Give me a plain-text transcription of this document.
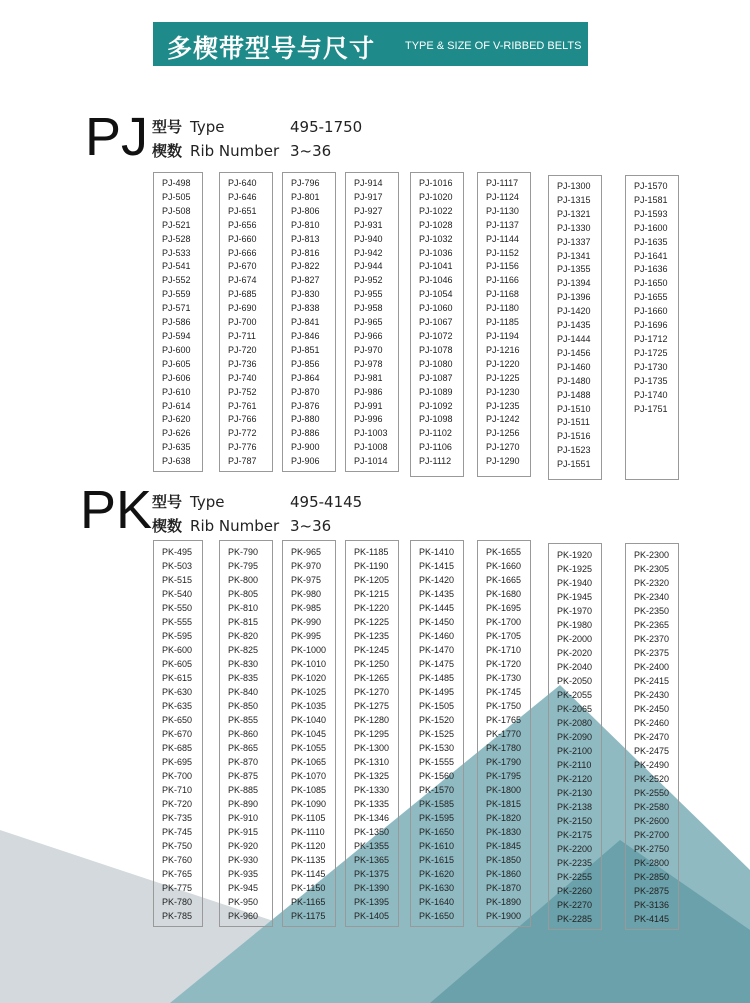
多楔带型号与尺寸	TYPE & SIZE OF V-RIBBED BELTS
PJ 型号 Type	495-1750
楔数 Rib Number 3~36
PJ-498
PJ-505
PJ-508
PJ-521
PJ-528
PJ-533
PJ-541
PJ-552
PJ-559
PJ-571
PJ-586
PJ-594
PJ-600
PJ-605
PJ-606
PJ-610
PJ-614
PJ-620
PJ-626
PJ-635
PJ-638
PJ-640
PJ-646
PJ-651
PJ-656
PJ-660
PJ-666
PJ-670
PJ-674
PJ-685
PJ-690
PJ-700
PJ-711
PJ-720
PJ-736
PJ-740
PJ-752
PJ-761
PJ-766
PJ-772
PJ-776
PJ-787
PJ-796
PJ-801
PJ-806
PJ-810
PJ-813
PJ-816
PJ-822
PJ-827
PJ-830
PJ-838
PJ-841
PJ-846
PJ-851
PJ-856
PJ-864
PJ-870
PJ-876
PJ-880
PJ-886
PJ-900
PJ-906
PJ-914
PJ-917
PJ-927
PJ-931
PJ-940
PJ-942
PJ-944
PJ-952
PJ-955
PJ-958
PJ-965
PJ-966
PJ-970
PJ-978
PJ-981
PJ-986
PJ-991
PJ-996
PJ-1003
PJ-1008
PJ-1014
PJ-1016
PJ-1020
PJ-1022
PJ-1028
PJ-1032
PJ-1036
PJ-1041
PJ-1046
PJ-1054
PJ-1060
PJ-1067
PJ-1072
PJ-1078
PJ-1080
PJ-1087
PJ-1089
PJ-1092
PJ-1098
PJ-1102
PJ-1106
PJ-1112
PJ-1117
PJ-1124
PJ-1130
PJ-1137
PJ-1144
PJ-1152
PJ-1156
PJ-1166
PJ-1168
PJ-1180
PJ-1185
PJ-1194
PJ-1216
PJ-1220
PJ-1225
PJ-1230
PJ-1235
PJ-1242
PJ-1256
PJ-1270
PJ-1290
PJ-1300
PJ-1315
PJ-1321
PJ-1330
PJ-1337
PJ-1341
PJ-1355
PJ-1394
PJ-1396
PJ-1420
PJ-1435
PJ-1444
PJ-1456
PJ-1460
PJ-1480
PJ-1488
PJ-1510
PJ-1511
PJ-1516
PJ-1523
PJ-1551
PJ-1570
PJ-1581
PJ-1593
PJ-1600
PJ-1635
PJ-1641
PJ-1636
PJ-1650
PJ-1655
PJ-1660
PJ-1696
PJ-1712
PJ-1725
PJ-1730
PJ-1735
PJ-1740
PJ-1751
PK 型号 Type	495-4145
楔数 Rib Number 3~36
PK-495
PK-503
PK-515
PK-540
PK-550
PK-555
PK-595
PK-600
PK-605
PK-615
PK-630
PK-635
PK-650
PK-670
PK-685
PK-695
PK-700
PK-710
PK-720
PK-735
PK-745
PK-750
PK-760
PK-765
PK-775
PK-780
PK-785
PK-790
PK-795
PK-800
PK-805
PK-810
PK-815
PK-820
PK-825
PK-830
PK-835
PK-840
PK-850
PK-855
PK-860
PK-865
PK-870
PK-875
PK-885
PK-890
PK-910
PK-915
PK-920
PK-930
PK-935
PK-945
PK-950
PK-960
PK-965
PK-970
PK-975
PK-980
PK-985
PK-990
PK-995
PK-1000
PK-1010
PK-1020
PK-1025
PK-1035
PK-1040
PK-1045
PK-1055
PK-1065
PK-1070
PK-1085
PK-1090
PK-1105
PK-1110
PK-1120
PK-1135
PK-1145
PK-1150
PK-1165
PK-1175
PK-1185
PK-1190
PK-1205
PK-1215
PK-1220
PK-1225
PK-1235
PK-1245
PK-1250
PK-1265
PK-1270
PK-1275
PK-1280
PK-1295
PK-1300
PK-1310
PK-1325
PK-1330
PK-1335
PK-1346
PK-1350
PK-1355
PK-1365
PK-1375
PK-1390
PK-1395
PK-1405
PK-1410
PK-1415
PK-1420
PK-1435
PK-1445
PK-1450
PK-1460
PK-1470
PK-1475
PK-1485
PK-1495
PK-1505
PK-1520
PK-1525
PK-1530
PK-1555
PK-1560
PK-1570
PK-1585
PK-1595
PK-1650
PK-1610
PK-1615
PK-1620
PK-1630
PK-1640
PK-1650
PK-1655
PK-1660
PK-1665
PK-1680
PK-1695
PK-1700
PK-1705
PK-1710
PK-1720
PK-1730
PK-1745
PK-1750
PK-1765
PK-1770
PK-1780
PK-1790
PK-1795
PK-1800
PK-1815
PK-1820
PK-1830
PK-1845
PK-1850
PK-1860
PK-1870
PK-1890
PK-1900
PK-1920
PK-1925
PK-1940
PK-1945
PK-1970
PK-1980
PK-2000
PK-2020
PK-2040
PK-2050
PK-2055
PK-2065
PK-2080
PK-2090
PK-2100
PK-2110
PK-2120
PK-2130
PK-2138
PK-2150
PK-2175
PK-2200
PK-2235
PK-2255
PK-2260
PK-2270
PK-2285
PK-2300
PK-2305
PK-2320
PK-2340
PK-2350
PK-2365
PK-2370
PK-2375
PK-2400
PK-2415
PK-2430
PK-2450
PK-2460
PK-2470
PK-2475
PK-2490
PK-2520
PK-2550
PK-2580
PK-2600
PK-2700
PK-2750
PK-2800
PK-2850
PK-2875
PK-3136
PK-4145
